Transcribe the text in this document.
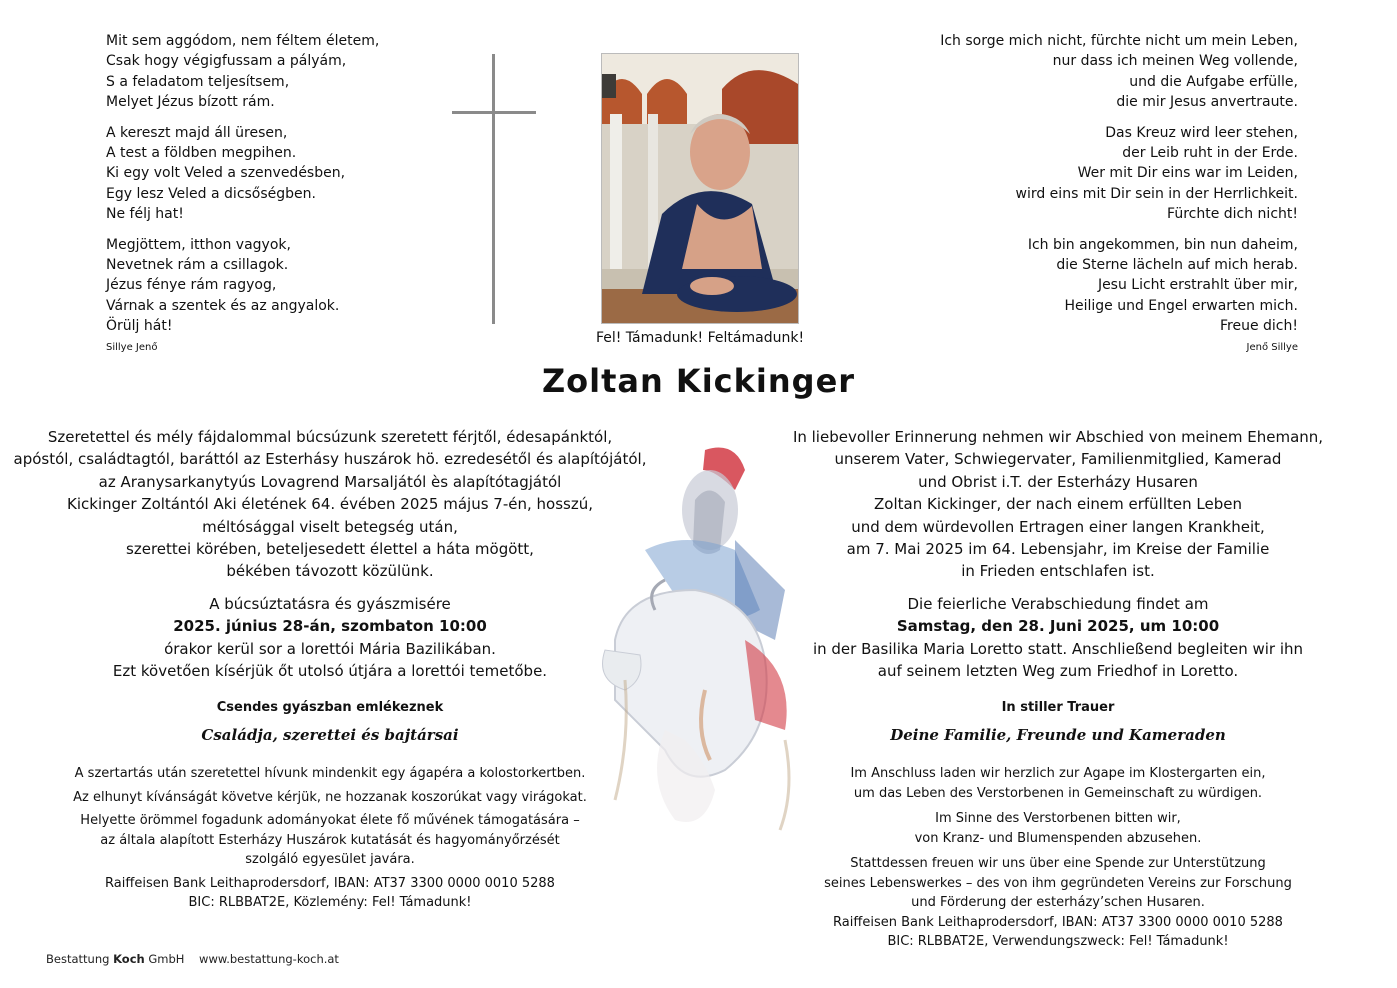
Mit sem aggódom, nem féltem életem,

Csak hogy végigfussam a pályám,

S a feladatom teljesítsem,

Melyet Jézus bízott rám.

A kereszt majd áll üresen,

A test a földben megpihen.

Ki egy volt Veled a szenvedésben,

Egy lesz Veled a dicsőségben.

Ne félj hat!

Megjöttem, itthon vagyok,

Nevetnek rám a csillagok.

Jézus fénye rám ragyog,

Várnak a szentek és az angyalok.

Örülj hát!

Sillye Jenő
Fel! Támadunk! Feltámadunk!

Ich sorge mich nicht, fürchte nicht um mein Leben,

nur dass ich meinen Weg vollende,

und die Aufgabe erfülle,

die mir Jesus anvertraute.

Das Kreuz wird leer stehen,

der Leib ruht in der Erde.

Wer mit Dir eins war im Leiden,

wird eins mit Dir sein in der Herrlichkeit.

Fürchte dich nicht!

Ich bin angekommen, bin nun daheim,

die Sterne lächeln auf mich herab.

Jesu Licht erstrahlt über mir,

Heilige und Engel erwarten mich.

Freue dich!

Jenő Sillye
Zoltan Kickinger

Szeretettel és mély fájdalommal búcsúzunk szeretett férjtől, édesapánktól,

apóstól, családtagtól, baráttól az Esterhásy huszárok hö. ezredesétől és alapítójától,

az Aranysarkanytyús Lovagrend Marsaljától ès alapítótagjától

Kickinger Zoltántól Aki életének 64. évében 2025 május 7-én, hosszú,

méltósággal viselt betegség után,

szerettei körében, beteljesedett élettel a háta mögött,

békében távozott közülünk.

A búcsúztatásra és gyászmisére

2025. június 28-án, szombaton 10:00

órakor kerül sor a lorettói Mária Bazilikában.

Ezt követően kísérjük őt utolsó útjára a lorettói temetőbe.

Csendes gyászban emlékeznek

Családja, szerettei és bajtársai

A szertartás után szeretettel hívunk mindenkit egy ágapéra a kolostorkertben.

Az elhunyt kívánságát követve kérjük, ne hozzanak koszorúkat vagy virágokat.

Helyette örömmel fogadunk adományokat élete fő művének támogatására –

az általa alapított Esterházy Huszárok kutatását és hagyományőrzését

szolgáló egyesület javára.

Raiffeisen Bank Leithaprodersdorf, IBAN: AT37 3300 0000 0010 5288

BIC: RLBBAT2E, Közlemény: Fel! Támadunk!

In liebevoller Erinnerung nehmen wir Abschied von meinem Ehemann,

unserem Vater, Schwiegervater, Familienmitglied, Kamerad

und Obrist i.T. der Esterházy Husaren

Zoltan Kickinger, der nach einem erfüllten Leben

und dem würdevollen Ertragen einer langen Krankheit,

am 7. Mai 2025 im 64. Lebensjahr, im Kreise der Familie

in Frieden entschlafen ist.

Die feierliche Verabschiedung findet am

Samstag, den 28. Juni 2025, um 10:00

in der Basilika Maria Loretto statt. Anschließend begleiten wir ihn

auf seinem letzten Weg zum Friedhof in Loretto.

In stiller Trauer

Deine Familie, Freunde und Kameraden

Im Anschluss laden wir herzlich zur Agape im Klostergarten ein,

um das Leben des Verstorbenen in Gemeinschaft zu würdigen.

Im Sinne des Verstorbenen bitten wir,

von Kranz- und Blumenspenden abzusehen.

Stattdessen freuen wir uns über eine Spende zur Unterstützung

seines Lebenswerkes – des von ihm gegründeten Vereins zur Forschung

und Förderung der esterházy’schen Husaren.

Raiffeisen Bank Leithaprodersdorf, IBAN: AT37 3300 0000 0010 5288

BIC: RLBBAT2E, Verwendungszweck: Fel! Támadunk!

Bestattung Koch GmbH www.bestattung-koch.at
